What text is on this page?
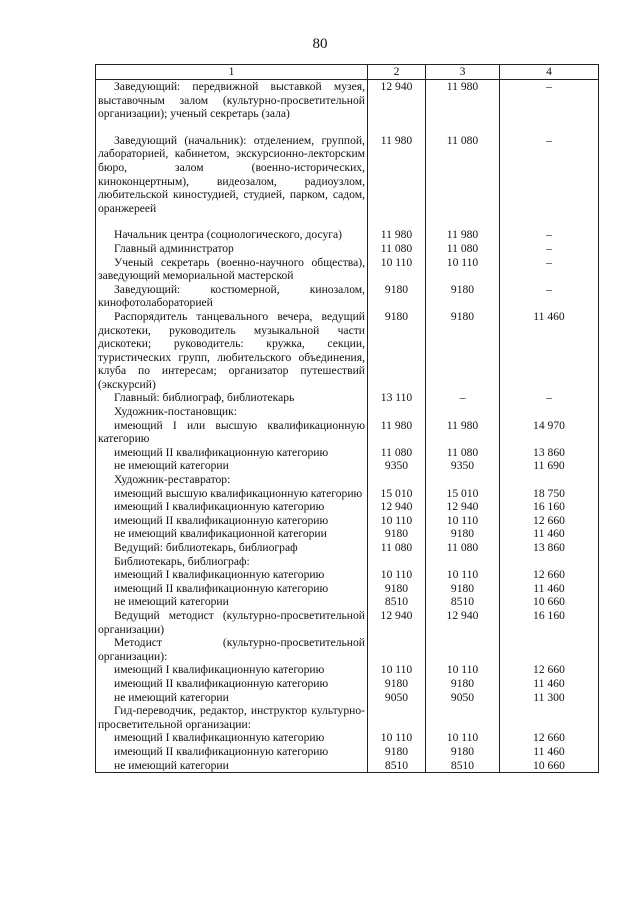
80
1	2	3	4
Заведующий: передвижной выставкой музея, выставочным залом (культурно-просветительной организации); ученый секретарь (зала)	12 940	11 980	–
Заведующий (начальник): отделением, группой, лабораторией, кабинетом, экскурсионно-лекторским бюро, залом (военно-исторических, киноконцертным), видеозалом, радиоузлом, любительской киностудией, студией, парком, садом, оранжереей	11 980	11 080	–
Начальник центра (социологического, досуга)	11 980	11 980	–
Главный администратор	11 080	11 080	–
Ученый секретарь (военно-научного общества), заведующий мемориальной мастерской	10 110	10 110	–
Заведующий: костюмерной, кинозалом, кинофотолабораторией	9180	9180	–
Распорядитель танцевального вечера, ведущий дискотеки, руководитель музыкальной части дискотеки; руководитель: кружка, секции, туристических групп, любительского объединения, клуба по интересам; организатор путешествий (экскурсий)	9180	9180	11 460
Главный: библиограф, библиотекарь	13 110	–	–
Художник-постановщик:			
имеющий I или высшую квалификационную категорию	11 980	11 980	14 970
имеющий II квалификационную категорию	11 080	11 080	13 860
не имеющий категории	9350	9350	11 690
Художник-реставратор:			
имеющий высшую квалификационную категорию	15 010	15 010	18 750
имеющий I квалификационную категорию	12 940	12 940	16 160
имеющий II квалификационную категорию	10 110	10 110	12 660
не имеющий квалификационной категории	9180	9180	11 460
Ведущий: библиотекарь, библиограф	11 080	11 080	13 860
Библиотекарь, библиограф:			
имеющий I квалификационную категорию	10 110	10 110	12 660
имеющий II квалификационную категорию	9180	9180	11 460
не имеющий категории	8510	8510	10 660
Ведущий методист (культурно-просветительной организации)	12 940	12 940	16 160
Методист (культурно-просветительной организации):			
имеющий I квалификационную категорию	10 110	10 110	12 660
имеющий II квалификационную категорию	9180	9180	11 460
не имеющий категории	9050	9050	11 300
Гид-переводчик, редактор, инструктор культурно-просветительной организации:			
имеющий I квалификационную категорию	10 110	10 110	12 660
имеющий II квалификационную категорию	9180	9180	11 460
не имеющий категории	8510	8510	10 660
